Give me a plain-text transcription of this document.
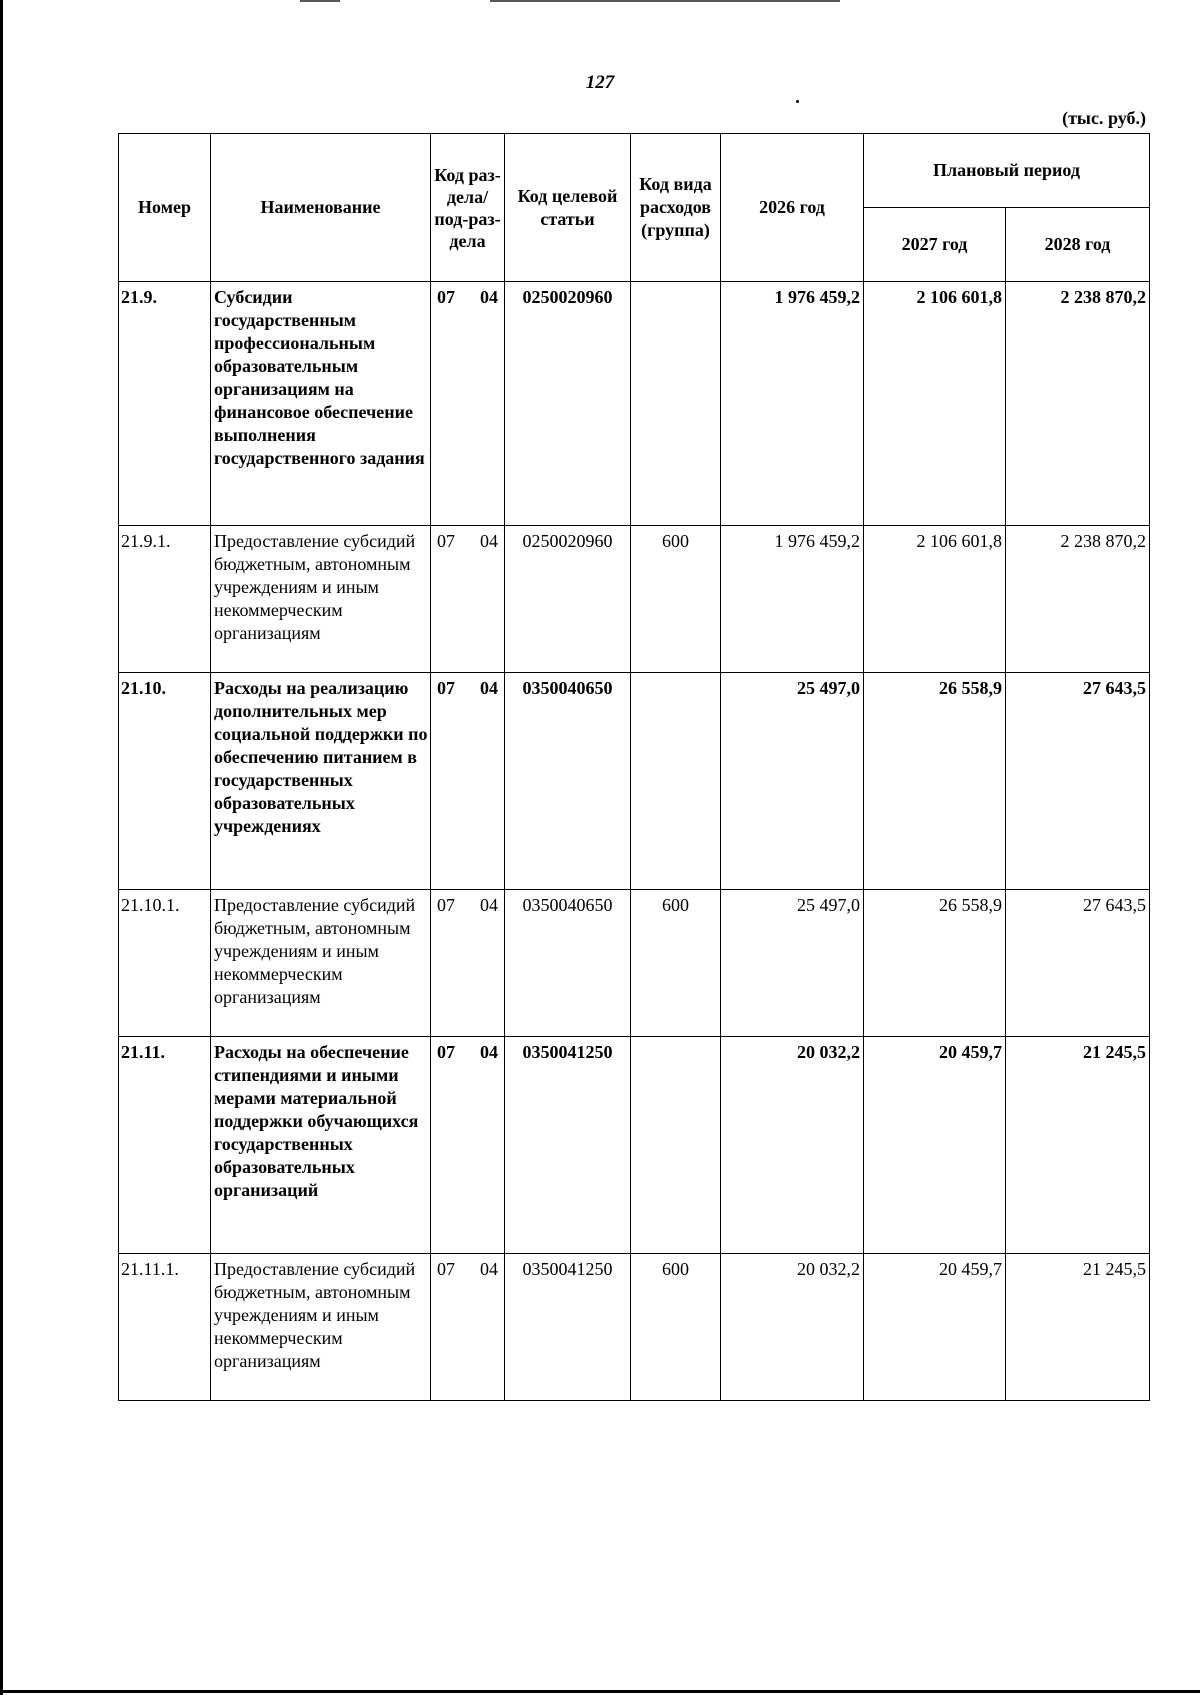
127
(тыс. руб.)
Номер	Наименование	Код раз-дела/ под-раз-дела	Код целевой статьи	Код вида расходов (группа)	2026 год	Плановый период	
						2027 год	2028 год
21.9.	Субсидии государственным профессиональным образовательным организациям на финансовое обеспечение выполнения государственного задания	07 04	0250020960		1 976 459,2	2 106 601,8	2 238 870,2
21.9.1.	Предоставление субсидий бюджетным, автономным учреждениям и иным некоммерческим организациям	07 04	0250020960	600	1 976 459,2	2 106 601,8	2 238 870,2
21.10.	Расходы на реализацию дополнительных мер социальной поддержки по обеспечению питанием в государственных образовательных учреждениях	07 04	0350040650		25 497,0	26 558,9	27 643,5
21.10.1.	Предоставление субсидий бюджетным, автономным учреждениям и иным некоммерческим организациям	07 04	0350040650	600	25 497,0	26 558,9	27 643,5
21.11.	Расходы на обеспечение стипендиями и иными мерами материальной поддержки обучающихся государственных образовательных организаций	07 04	0350041250		20 032,2	20 459,7	21 245,5
21.11.1.	Предоставление субсидий бюджетным, автономным учреждениям и иным некоммерческим организациям	07 04	0350041250	600	20 032,2	20 459,7	21 245,5
